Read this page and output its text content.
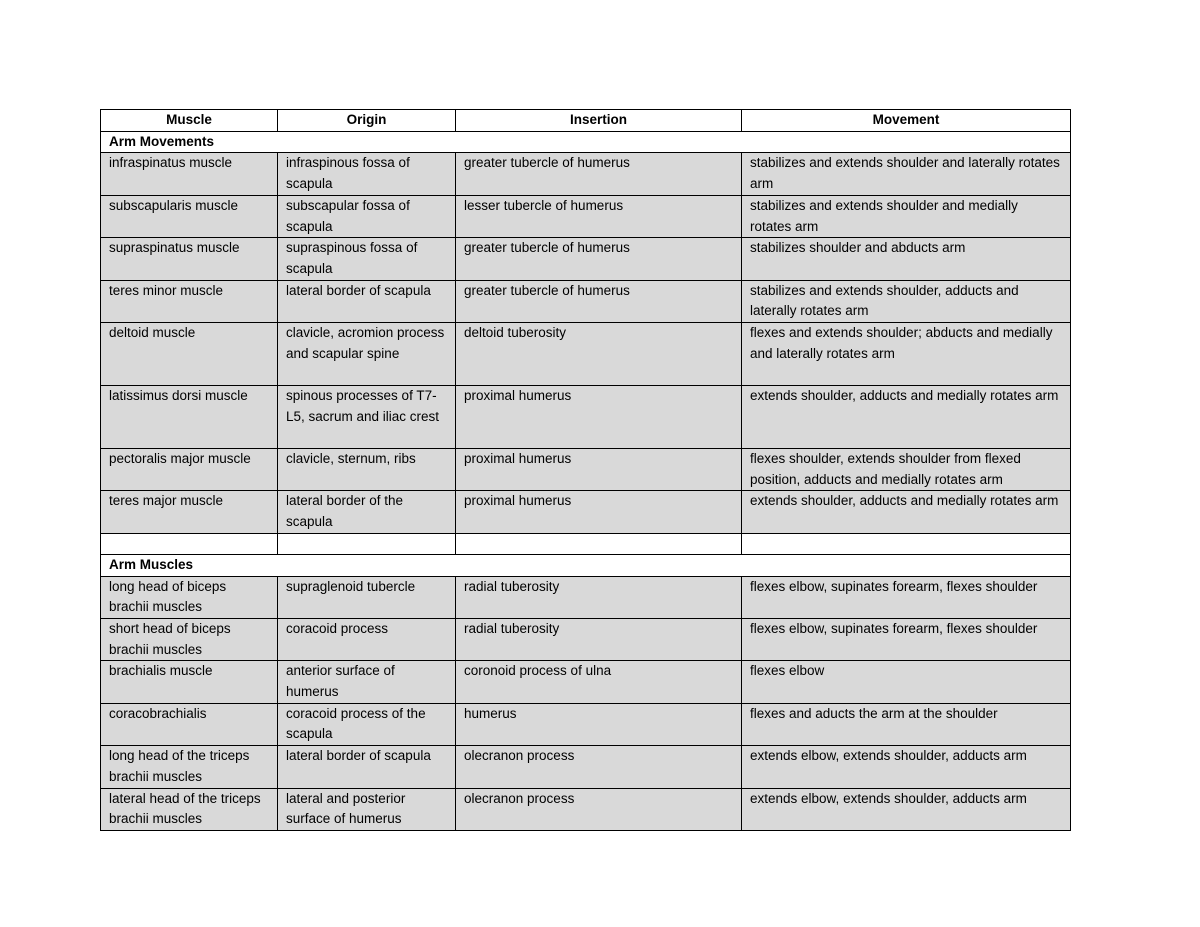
Muscle	Origin	Insertion	Movement
Arm Movements			
infraspinatus muscle	infraspinous fossa of scapula	greater tubercle of humerus	stabilizes and extends shoulder and laterally rotates arm
subscapularis muscle	subscapular fossa of scapula	lesser tubercle of humerus	stabilizes and extends shoulder and medially rotates arm
supraspinatus muscle	supraspinous fossa of scapula	greater tubercle of humerus	stabilizes shoulder and abducts arm
teres minor muscle	lateral border of scapula	greater tubercle of humerus	stabilizes and extends shoulder, adducts and laterally rotates arm
deltoid muscle	clavicle, acromion process and scapular spine	deltoid tuberosity	flexes and extends shoulder; abducts and medially and laterally rotates arm
latissimus dorsi muscle	spinous processes of T7-L5, sacrum and iliac crest	proximal humerus	extends shoulder, adducts and medially rotates arm
pectoralis major muscle	clavicle, sternum, ribs	proximal humerus	flexes shoulder, extends shoulder from flexed position, adducts and medially rotates arm
teres major muscle	lateral border of the scapula	proximal humerus	extends shoulder, adducts and medially rotates arm

Arm Muscles			
long head of biceps brachii muscles	supraglenoid tubercle	radial tuberosity	flexes elbow, supinates forearm, flexes shoulder
short head of biceps brachii muscles	coracoid process	radial tuberosity	flexes elbow, supinates forearm, flexes shoulder
brachialis muscle	anterior surface of humerus	coronoid process of ulna	flexes elbow
coracobrachialis	coracoid process of the scapula	humerus	flexes and aducts the arm at the shoulder
long head of the triceps brachii muscles	lateral border of scapula	olecranon process	extends elbow, extends shoulder, adducts arm
lateral head of the triceps brachii muscles	lateral and posterior surface of humerus	olecranon process	extends elbow, extends shoulder, adducts arm
